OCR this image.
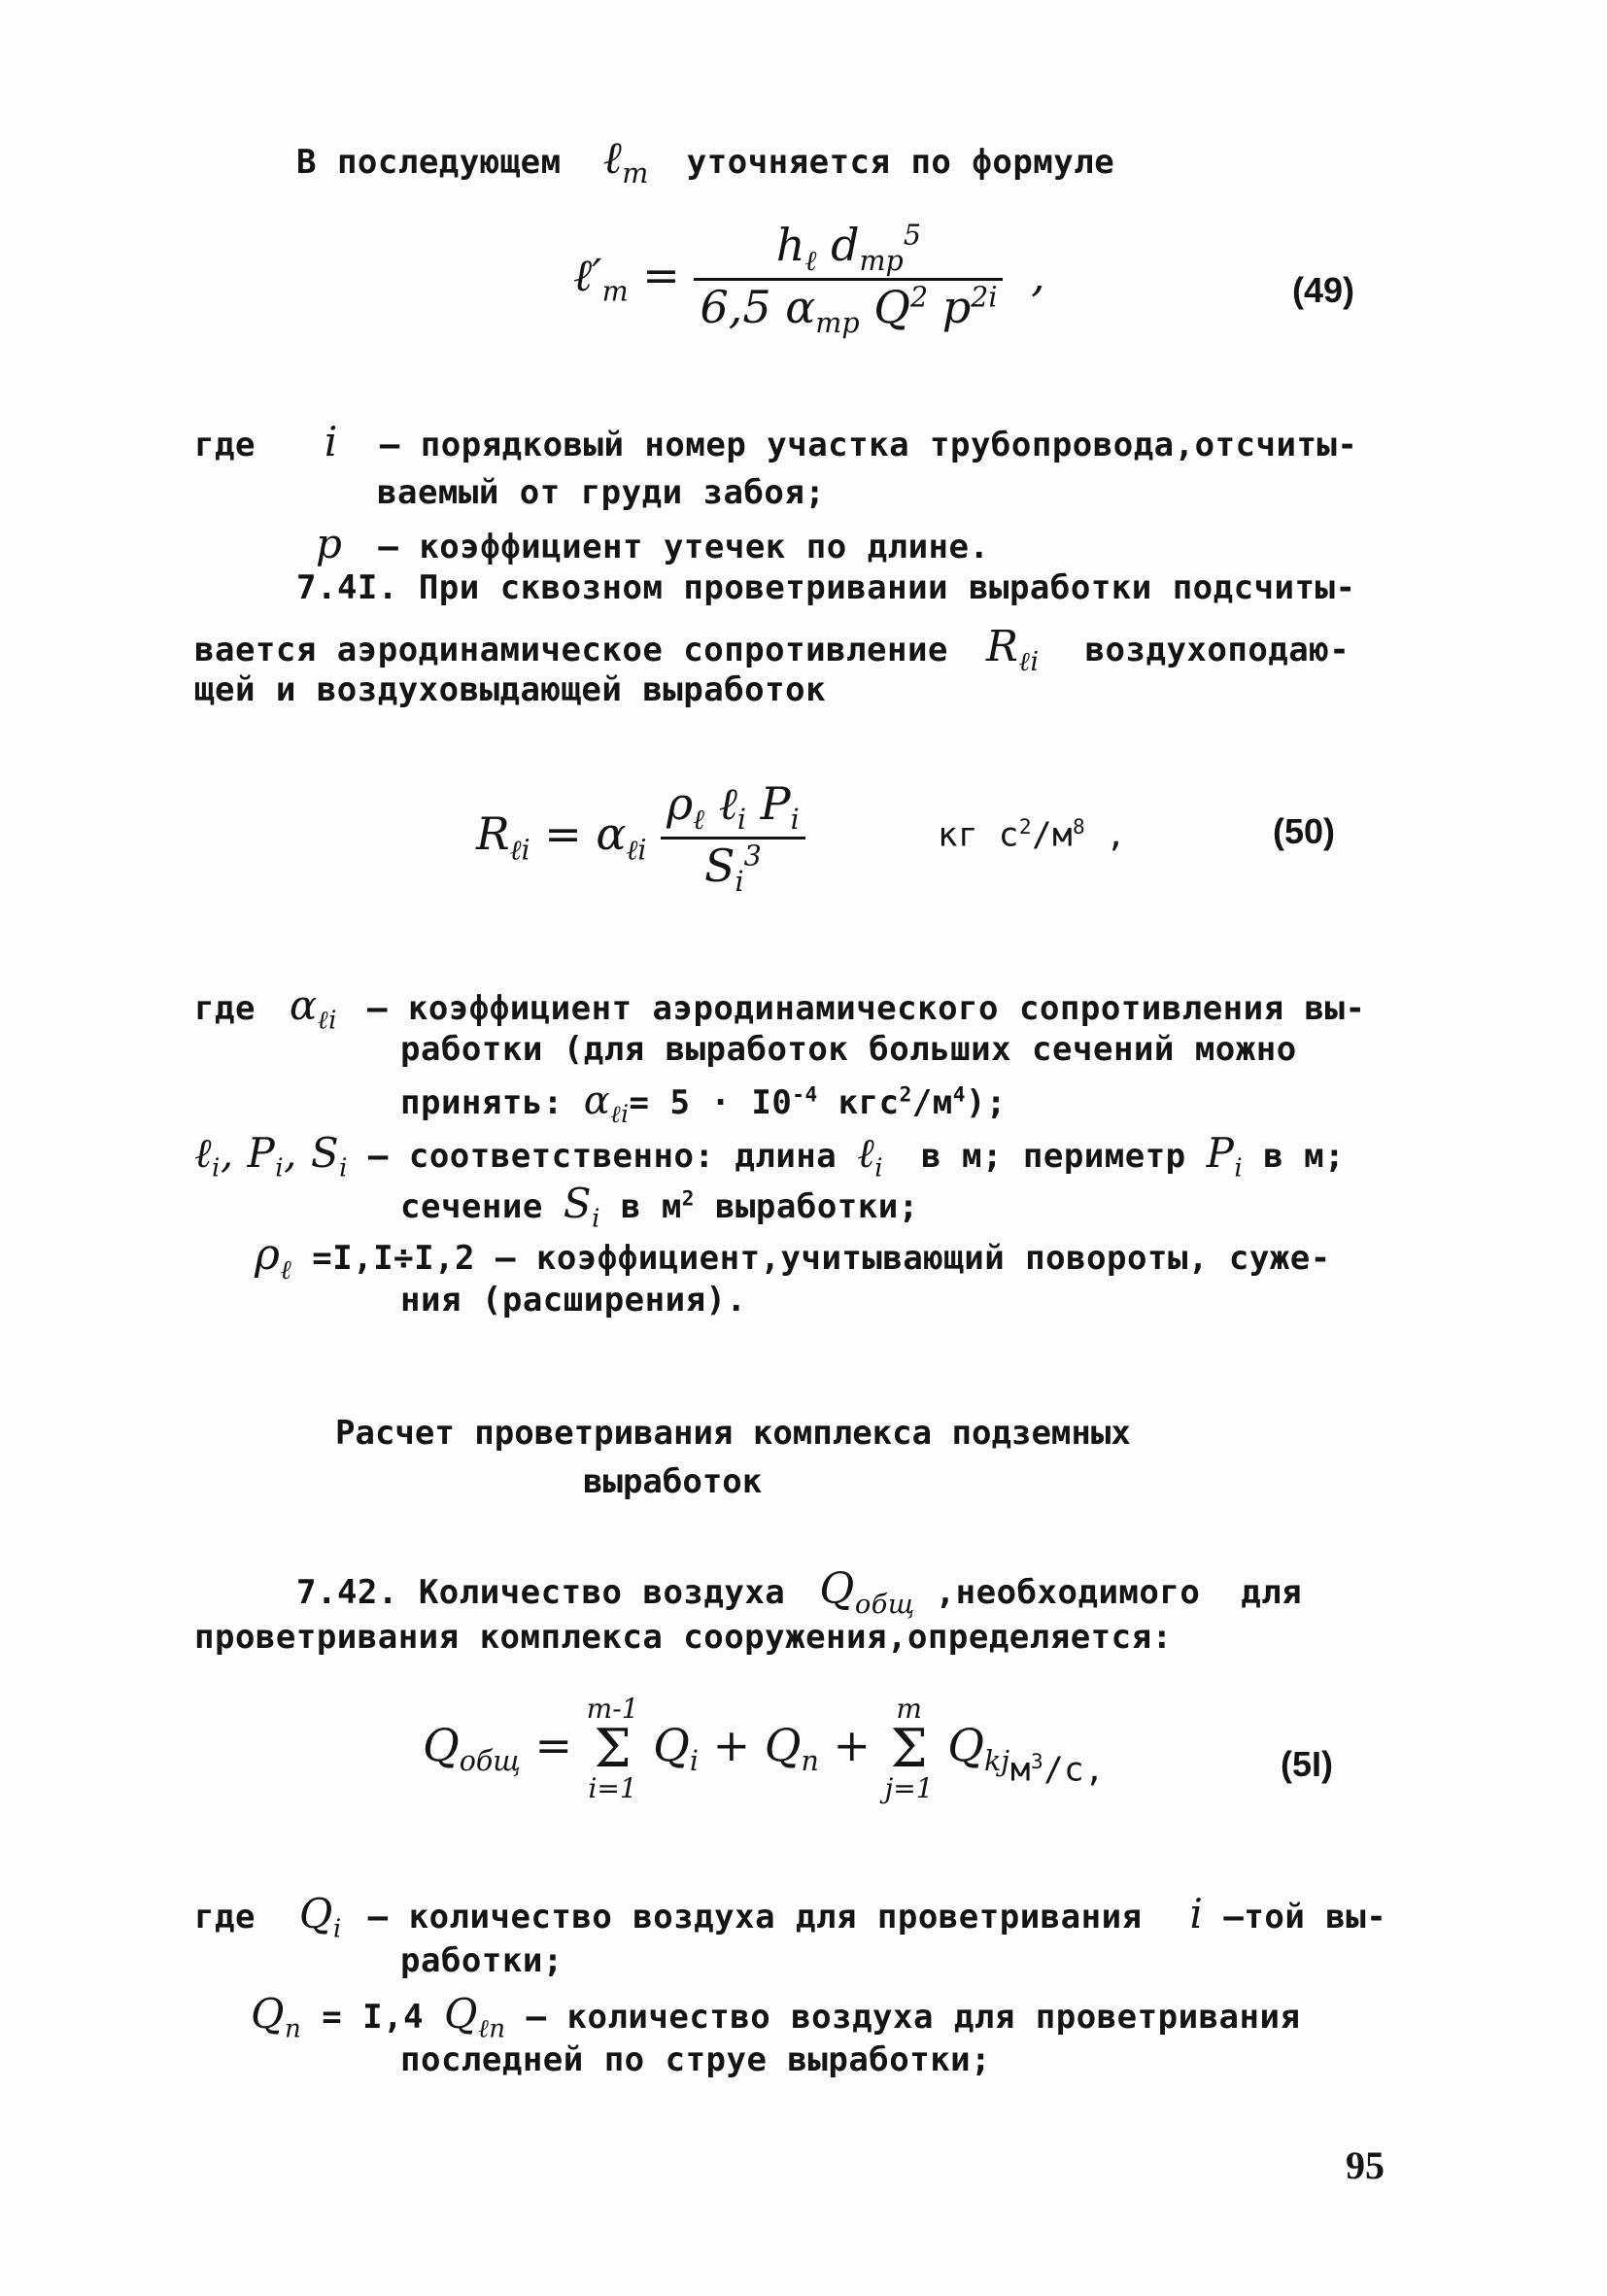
В последующем ℓ$_m$ уточняется по формуле
$\ell'_m = \frac{h_\ell d_{mp}^5}{6,5 \alpha_{mp} Q^2 p^{2i}}$ ,	(49)
где i – порядковый номер участка трубопровода,отсчиты-
ваемый от груди забоя;
p – коэффициент утечек по длине.
7.4I. При сквозном проветривании выработки подсчиты-
вается аэродинамическое сопротивление $R_{\ell i}$ воздухоподаю-
щей и воздуховыдающей выработок
$R_{\ell i} = \alpha_{\ell i} \frac{\rho_\ell \ell_i P_i}{S_i^3}$	кг $с^2/м^8$ ,	(50)
где $\alpha_{\ell i}$ – коэффициент аэродинамического сопротивления вы-
работки (для выработок больших сечений можно
принять: $\alpha_{\ell i}= 5 \cdot I0^{-4}$ $кгс^2/м^4$);
ℓ$_i$, $P_i$, $S_i$ – соответственно: длина ℓ$_i$ в м; периметр $P_i$ в м;
сечение $S_i$ в $м^2$ выработки;
$\rho_\ell =I,I\div I,2$ – коэффициент,учитывающий повороты, суже-
ния (расширения).
Расчет проветривания комплекса подземных
выработок
7.42. Количество воздуха $Q_{общ}$ ,необходимого  для
проветривания комплекса сооружения,определяется:
$Q_{общ}$ =
m-1
Σ
i=1
$Q_i + Q_п$ +
m
Σ
j=1
$Q_{kj}$ $м^3/с$,	(5I)
где $Q_i$ – количество воздуха для проветривания i –той вы-
работки;
$Q_п = I,4$ $Q_{\ell п}$ – количество воздуха для проветривания
последней по струе выработки;
95
